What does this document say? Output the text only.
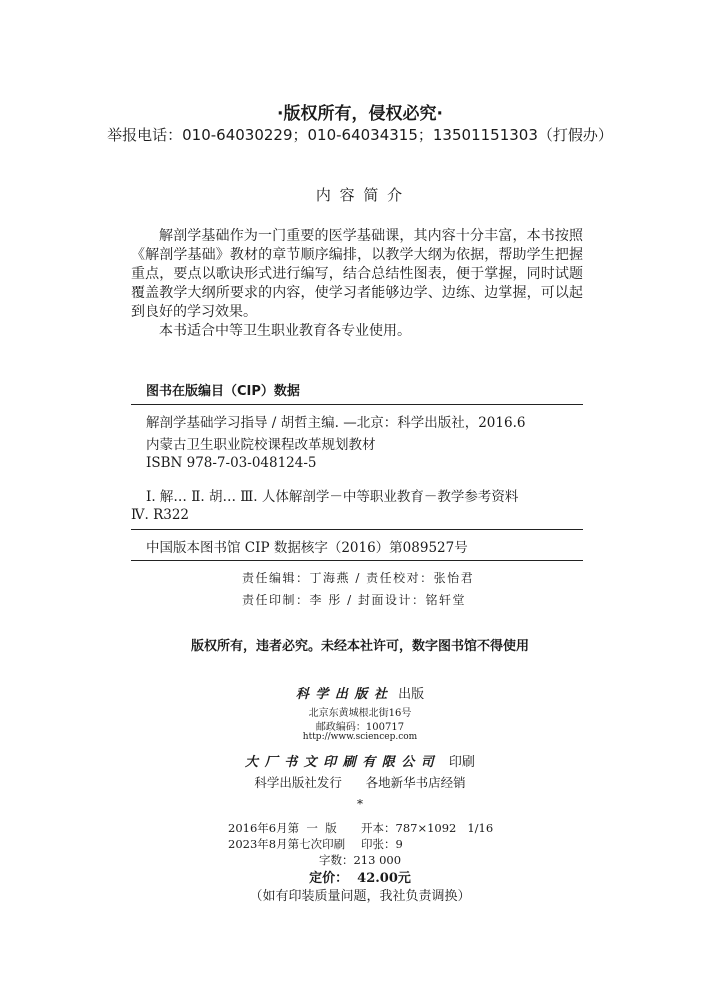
·版权所有，侵权必究·
举报电话：010-64030229；010-64034315；13501151303（打假办）
内 容 简 介

解剖学基础作为一门重要的医学基础课，其内容十分丰富，本书按照《解剖学基础》教材的章节顺序编排，以教学大纲为依据，帮助学生把握重点，要点以歌诀形式进行编写，结合总结性图表，便于掌握，同时试题覆盖教学大纲所要求的内容，使学习者能够边学、边练、边掌握，可以起到良好的学习效果。

本书适合中等卫生职业教育各专业使用。

图书在版编目（CIP）数据
解剖学基础学习指导 / 胡哲主编. —北京：科学出版社，2016.6
内蒙古卫生职业院校课程改革规划教材
ISBN 978-7-03-048124-5
Ⅰ. 解… Ⅱ. 胡… Ⅲ. 人体解剖学－中等职业教育－教学参考资料
Ⅳ. R322
中国版本图书馆 CIP 数据核字（2016）第089527号
责任编辑：丁海燕 / 责任校对：张怡君
责任印制：李 彤 / 封面设计：铭轩堂
版权所有，违者必究。未经本社许可，数字图书馆不得使用
科 学 出 版 社 出版
北京东黄城根北街16号
邮政编码：100717
http://www.sciencep.com
大 厂 书 文 印 刷 有 限 公 司 印刷
科学出版社发行      各地新华书店经销
*
2016年6月第  一  版 开本：787×1092   1/16
2023年8月第七次印刷 印张：9
字数：213 000
定价：  42.00元
（如有印装质量问题，我社负责调换）
